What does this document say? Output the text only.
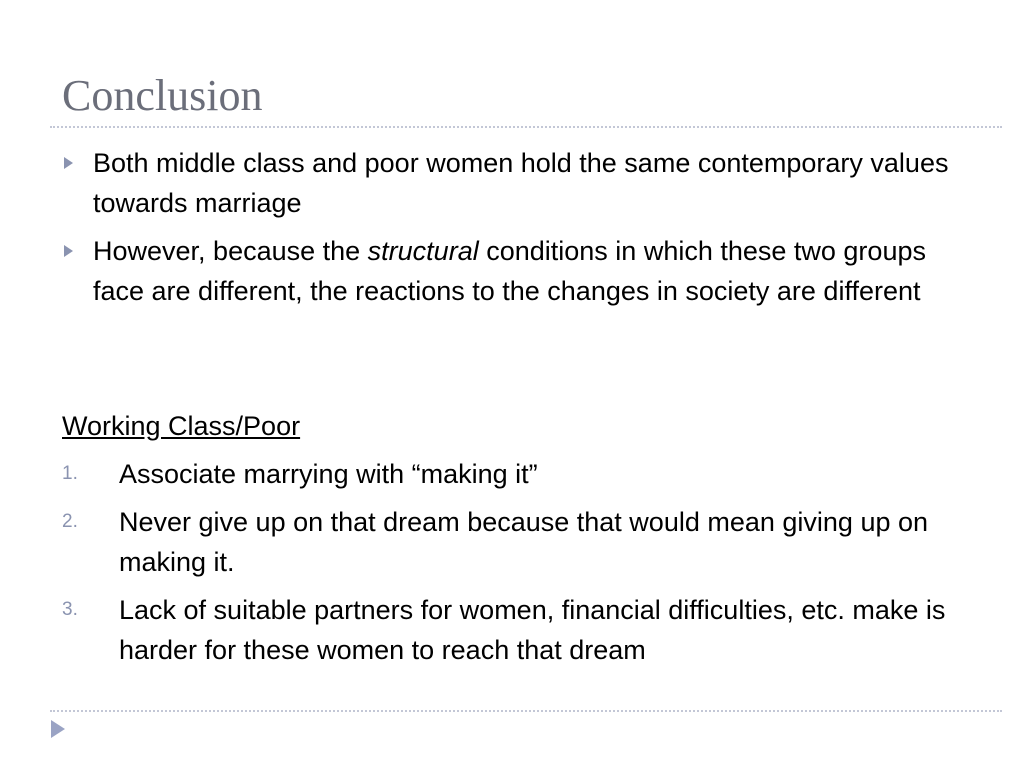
Conclusion
Both middle class and poor women hold the same contemporary values towards marriage
However, because the structural conditions in which these two groups face are different, the reactions to the changes in society are different
Working Class/Poor
1. Associate marrying with “making it”
2. Never give up on that dream because that would mean giving up on making it.
3. Lack of suitable partners for women, financial difficulties, etc. make is harder for these women to reach that dream
